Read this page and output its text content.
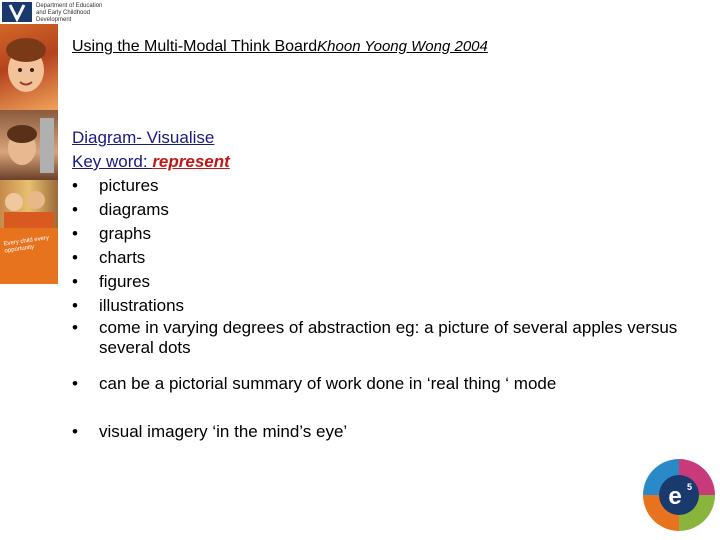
Every child every opportunity
Department of Education and Early Childhood Development
Using the Multi-Modal Think BoardKhoon Yoong Wong 2004
Diagram- Visualise
Key word: represent
• pictures
• diagrams
• graphs
• charts
• figures
• illustrations
• come in varying degrees of abstraction eg: a picture of several apples versus several dots
• can be a pictorial summary of work done in ‘real thing ‘ mode
• visual imagery ‘in the mind’s eye’
e 5
